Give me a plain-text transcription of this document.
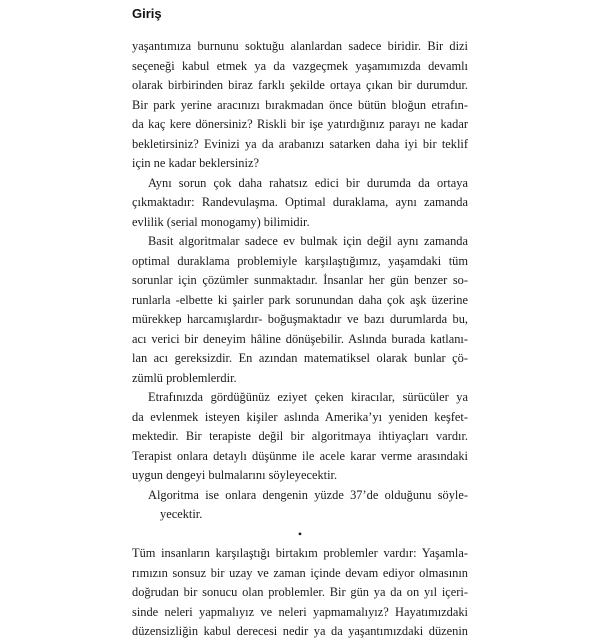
Giriş
yaşantımıza burnunu soktuğu alanlardan sadece biridir. Bir dizi
seçeneği kabul etmek ya da vazgeçmek yaşamımızda devamlı
olarak birbirinden biraz farklı şekilde ortaya çıkan bir durumdur.
Bir park yerine aracınızı bırakmadan önce bütün bloğun etrafın-
da kaç kere dönersiniz? Riskli bir işe yatırdığınız parayı ne kadar
bekletirsiniz? Evinizi ya da arabanızı satarken daha iyi bir teklif
için ne kadar beklersiniz?
Aynı sorun çok daha rahatsız edici bir durumda da ortaya
çıkmaktadır: Randevulaşma. Optimal duraklama, aynı zamanda
evlilik (serial monogamy) bilimidir.
Basit algoritmalar sadece ev bulmak için değil aynı zamanda
optimal duraklama problemiyle karşılaştığımız, yaşamdaki tüm
sorunlar için çözümler sunmaktadır. İnsanlar her gün benzer so-
runlarla -elbette ki şairler park sorunundan daha çok aşk üzerine
mürekkep harcamışlardır- boğuşmaktadır ve bazı durumlarda bu,
acı verici bir deneyim hâline dönüşebilir. Aslında burada katlanı-
lan acı gereksizdir. En azından matematiksel olarak bunlar çö-
zümlü problemlerdir.
Etrafınızda gördüğünüz eziyet çeken kiracılar, sürücüler ya
da evlenmek isteyen kişiler aslında Amerika’yı yeniden keşfet-
mektedir. Bir terapiste değil bir algoritmaya ihtiyaçları vardır.
Terapist onlara detaylı düşünme ile acele karar verme arasındaki
uygun dengeyi bulmalarını söyleyecektir.
Algoritma ise onlara dengenin yüzde 37’de olduğunu söyle-
yecektir.
•
Tüm insanların karşılaştığı birtakım problemler vardır: Yaşamla-
rımızın sonsuz bir uzay ve zaman içinde devam ediyor olmasının
doğrudan bir sonucu olan problemler. Bir gün ya da on yıl içeri-
sinde neleri yapmalıyız ve neleri yapmamalıyız? Hayatımızdaki
düzensizliğin kabul derecesi nedir ya da yaşantımızdaki düzenin
